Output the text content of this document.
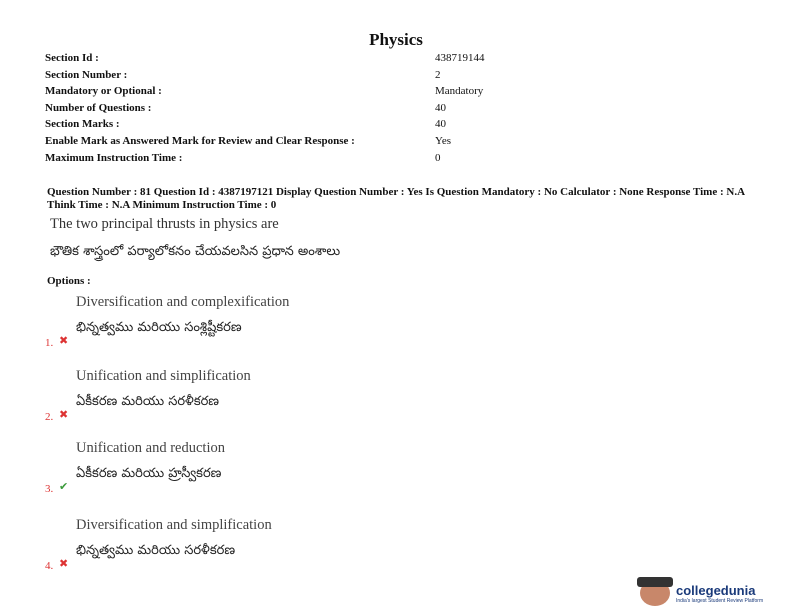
Physics
Section Id :	438719144
Section Number :	2
Mandatory or Optional :	Mandatory
Number of Questions :	40
Section Marks :	40
Enable Mark as Answered Mark for Review and Clear Response :	Yes
Maximum Instruction Time :	0
Question Number : 81 Question Id : 4387197121 Display Question Number : Yes Is Question Mandatory : No Calculator : None Response Time : N.A Think Time : N.A Minimum Instruction Time : 0
The two principal thrusts in physics are
భౌతిక శాస్త్రంలో పర్యాలోకనం చేయవలసిన ప్రధాన అంశాలు
Options :
Diversification and complexification
భిన్నత్వము మరియు సంశ్లిష్టీకరణ
1. ✖
Unification and simplification
ఏకీకరణ మరియు సరళీకరణ
2. ✖
Unification and reduction
ఏకీకరణ మరియు హ్రస్వీకరణ
3. ✔
Diversification and simplification
భిన్నత్వము మరియు సరళీకరణ
4. ✖
collegedunia
India's largest Student Review Platform
